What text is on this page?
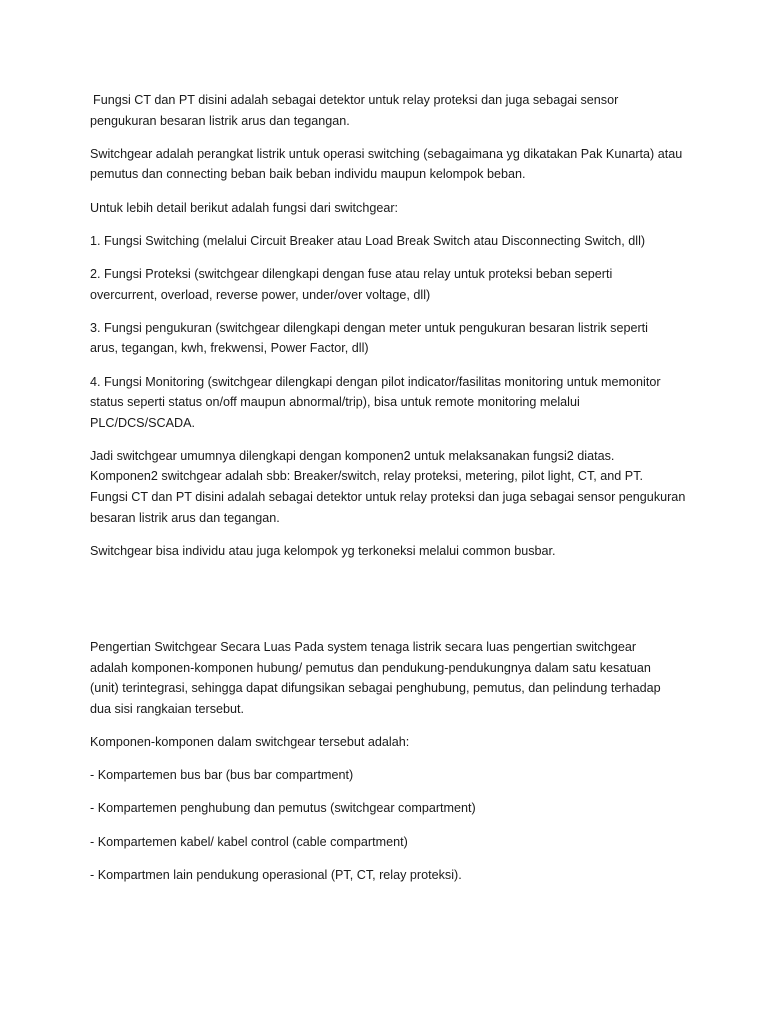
Fungsi CT dan PT disini adalah sebagai detektor untuk relay proteksi dan juga sebagai sensor
pengukuran besaran listrik arus dan tegangan.

Switchgear adalah perangkat listrik untuk operasi switching (sebagaimana yg dikatakan Pak Kunarta) atau
pemutus dan connecting beban baik beban individu maupun kelompok beban.

Untuk lebih detail berikut adalah fungsi dari switchgear:

1. Fungsi Switching (melalui Circuit Breaker atau Load Break Switch atau Disconnecting Switch, dll)

2. Fungsi Proteksi (switchgear dilengkapi dengan fuse atau relay untuk proteksi beban seperti
overcurrent, overload, reverse power, under/over voltage, dll)

3. Fungsi pengukuran (switchgear dilengkapi dengan meter untuk pengukuran besaran listrik seperti
arus, tegangan, kwh, frekwensi, Power Factor, dll)

4. Fungsi Monitoring (switchgear dilengkapi dengan pilot indicator/fasilitas monitoring untuk memonitor
status seperti status on/off maupun abnormal/trip), bisa untuk remote monitoring melalui
PLC/DCS/SCADA.

Jadi switchgear umumnya dilengkapi dengan komponen2 untuk melaksanakan fungsi2 diatas.
Komponen2 switchgear adalah sbb: Breaker/switch, relay proteksi, metering, pilot light, CT, and PT.
Fungsi CT dan PT disini adalah sebagai detektor untuk relay proteksi dan juga sebagai sensor pengukuran
besaran listrik arus dan tegangan.

Switchgear bisa individu atau juga kelompok yg terkoneksi melalui common busbar.

Pengertian Switchgear Secara Luas Pada system tenaga listrik secara luas pengertian switchgear
adalah komponen-komponen hubung/ pemutus dan pendukung-pendukungnya dalam satu kesatuan
(unit) terintegrasi, sehingga dapat difungsikan sebagai penghubung, pemutus, dan pelindung terhadap
dua sisi rangkaian tersebut.

Komponen-komponen dalam switchgear tersebut adalah:

- Kompartemen bus bar (bus bar compartment)

- Kompartemen penghubung dan pemutus (switchgear compartment)

- Kompartemen kabel/ kabel control (cable compartment)

- Kompartmen lain pendukung operasional (PT, CT, relay proteksi).
